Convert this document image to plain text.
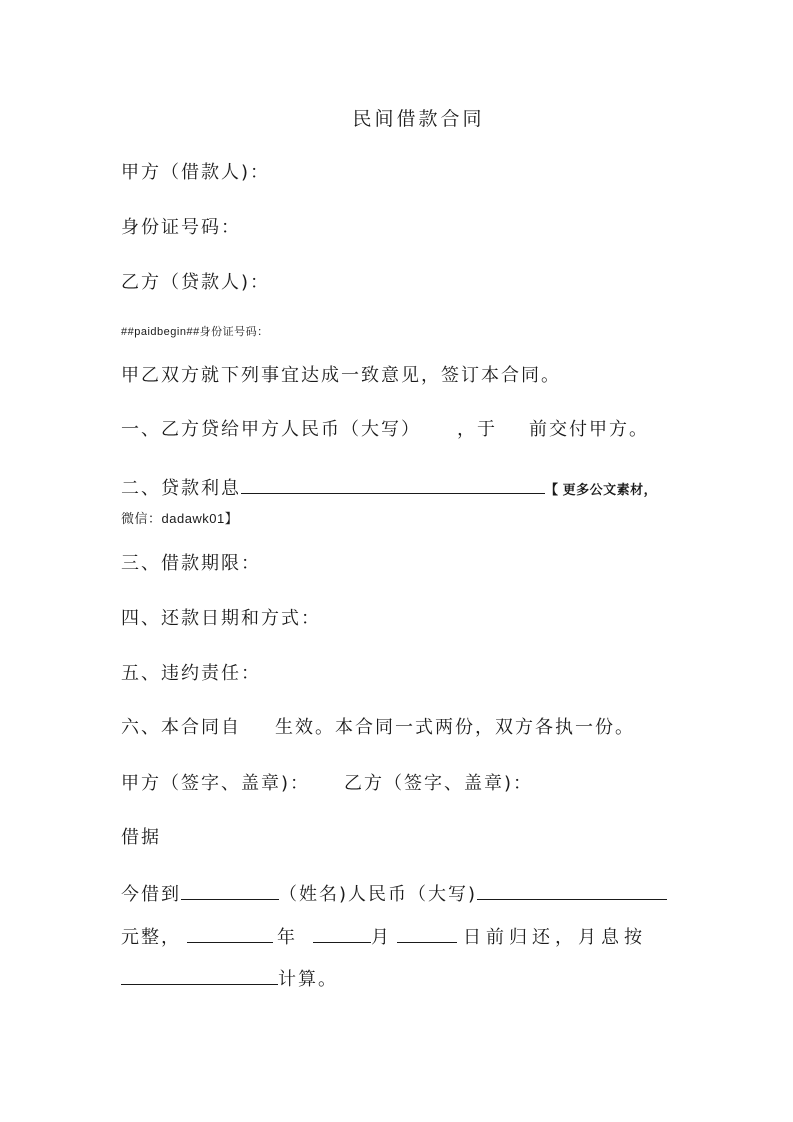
民间借款合同
甲方（借款人)：
身份证号码：
乙方（贷款人)：
##paidbegin##身份证号码：
甲乙双方就下列事宜达成一致意见，签订本合同。
一、乙方贷给甲方人民币（大写） ，于 前交付甲方。
二、贷款利息	【 更多公文素材，
微信：dadawk01】
三、借款期限：
四、还款日期和方式：
五、违约责任：
六、本合同自 生效。本合同一式两份，双方各执一份。
甲方（签字、盖章)： 乙方（签字、盖章)：
借据
今借到	（姓名)人民币（大写)
元整，	年	月	日前归还，月息按
计算。
